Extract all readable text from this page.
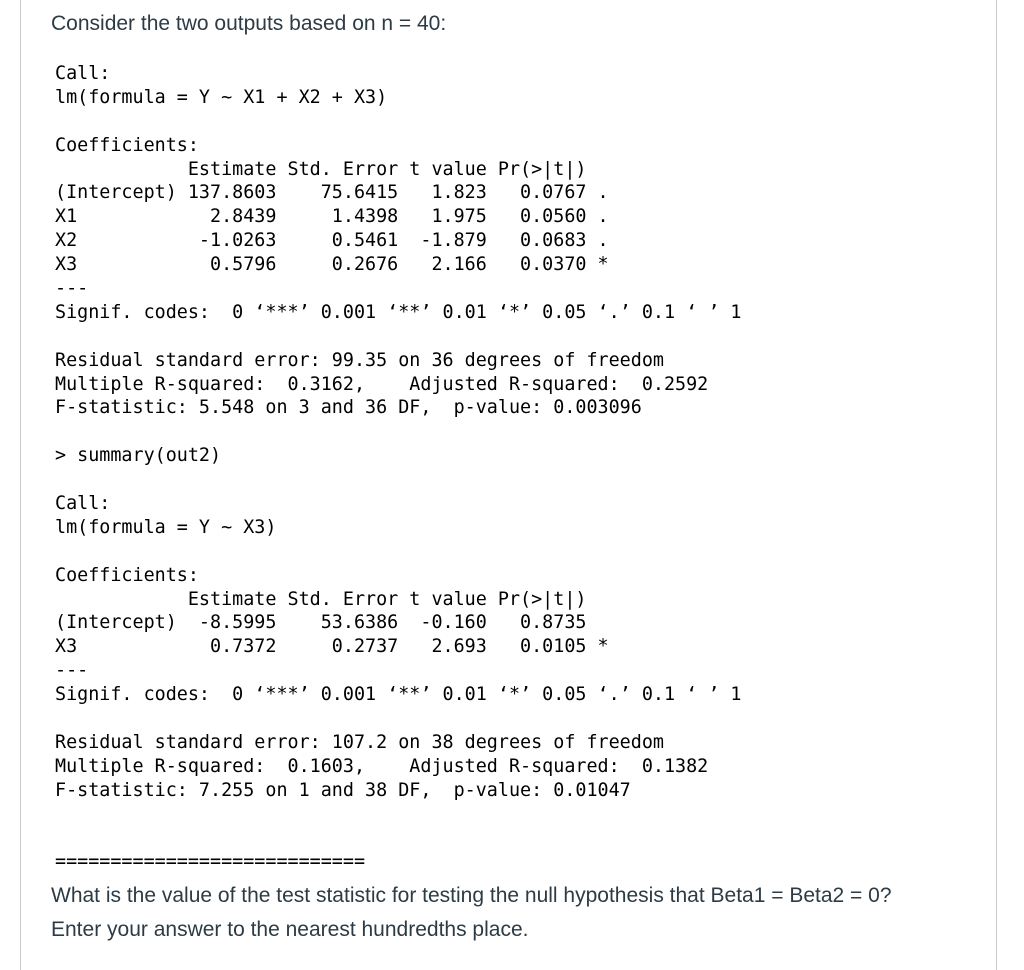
Consider the two outputs based on n = 40:
Call:
lm(formula = Y ~ X1 + X2 + X3)
Coefficients:
Estimate Std. Error t value Pr(>|t|)
(Intercept) 137.8603    75.6415   1.823   0.0767 .
X1            2.8439     1.4398   1.975   0.0560 .
X2           -1.0263     0.5461  -1.879   0.0683 .
X3            0.5796     0.2676   2.166   0.0370 *
---
Signif. codes:  0 ‘***’ 0.001 ‘**’ 0.01 ‘*’ 0.05 ‘.’ 0.1 ‘ ’ 1
Residual standard error: 99.35 on 36 degrees of freedom
Multiple R-squared:  0.3162,    Adjusted R-squared:  0.2592
F-statistic: 5.548 on 3 and 36 DF,  p-value: 0.003096
> summary(out2)
Call:
lm(formula = Y ~ X3)
Coefficients:
Estimate Std. Error t value Pr(>|t|)
(Intercept)  -8.5995    53.6386  -0.160   0.8735
X3            0.7372     0.2737   2.693   0.0105 *
---
Signif. codes:  0 ‘***’ 0.001 ‘**’ 0.01 ‘*’ 0.05 ‘.’ 0.1 ‘ ’ 1
Residual standard error: 107.2 on 38 degrees of freedom
Multiple R-squared:  0.1603,    Adjusted R-squared:  0.1382
F-statistic: 7.255 on 1 and 38 DF,  p-value: 0.01047
============================
What is the value of the test statistic for testing the null hypothesis that Beta1 = Beta2 = 0?
Enter your answer to the nearest hundredths place.
